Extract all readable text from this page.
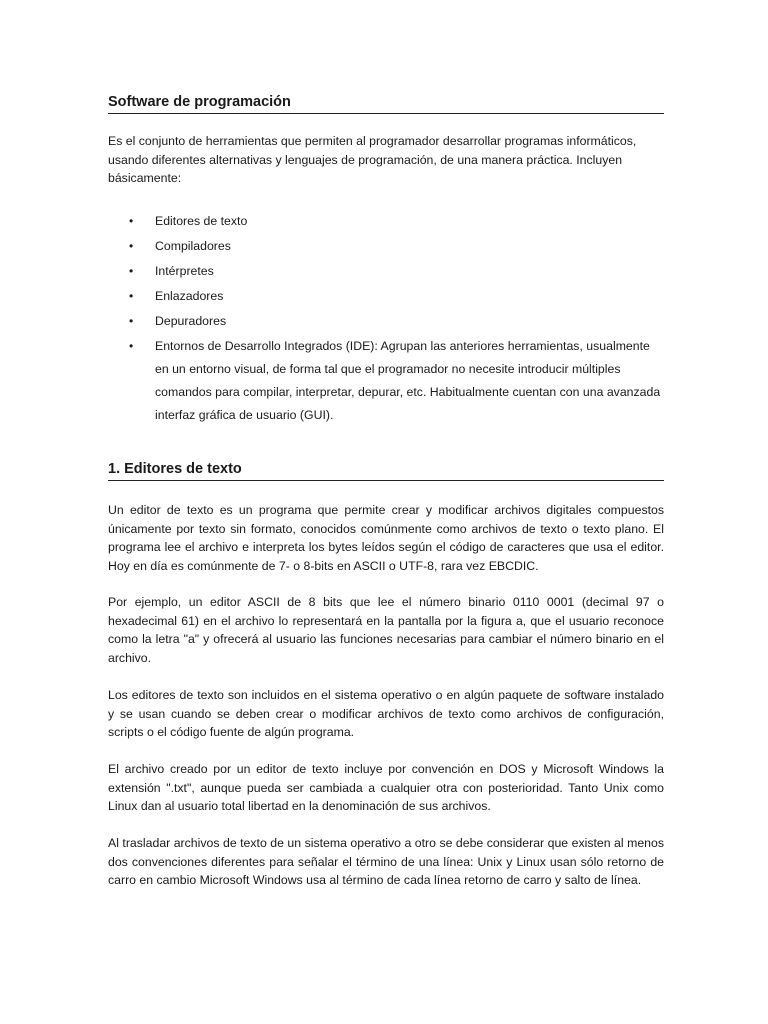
Software de programación

Es el conjunto de herramientas que permiten al programador desarrollar programas informáticos, usando diferentes alternativas y lenguajes de programación, de una manera práctica. Incluyen básicamente:

• Editores de texto
• Compiladores
• Intérpretes
• Enlazadores
• Depuradores
• Entornos de Desarrollo Integrados (IDE): Agrupan las anteriores herramientas, usualmente en un entorno visual, de forma tal que el programador no necesite introducir múltiples comandos para compilar, interpretar, depurar, etc. Habitualmente cuentan con una avanzada interfaz gráfica de usuario (GUI).
1. Editores de texto

Un editor de texto es un programa que permite crear y modificar archivos digitales compuestos únicamente por texto sin formato, conocidos comúnmente como archivos de texto o texto plano. El programa lee el archivo e interpreta los bytes leídos según el código de caracteres que usa el editor. Hoy en día es comúnmente de 7- o 8-bits en ASCII o UTF-8, rara vez EBCDIC.

Por ejemplo, un editor ASCII de 8 bits que lee el número binario 0110 0001 (decimal 97 o hexadecimal 61) en el archivo lo representará en la pantalla por la figura a, que el usuario reconoce como la letra "a" y ofrecerá al usuario las funciones necesarias para cambiar el número binario en el archivo.

Los editores de texto son incluidos en el sistema operativo o en algún paquete de software instalado y se usan cuando se deben crear o modificar archivos de texto como archivos de configuración, scripts o el código fuente de algún programa.

El archivo creado por un editor de texto incluye por convención en DOS y Microsoft Windows la extensión ".txt", aunque pueda ser cambiada a cualquier otra con posterioridad. Tanto Unix como Linux dan al usuario total libertad en la denominación de sus archivos.

Al trasladar archivos de texto de un sistema operativo a otro se debe considerar que existen al menos dos convenciones diferentes para señalar el término de una línea: Unix y Linux usan sólo retorno de carro en cambio Microsoft Windows usa al término de cada línea retorno de carro y salto de línea.
